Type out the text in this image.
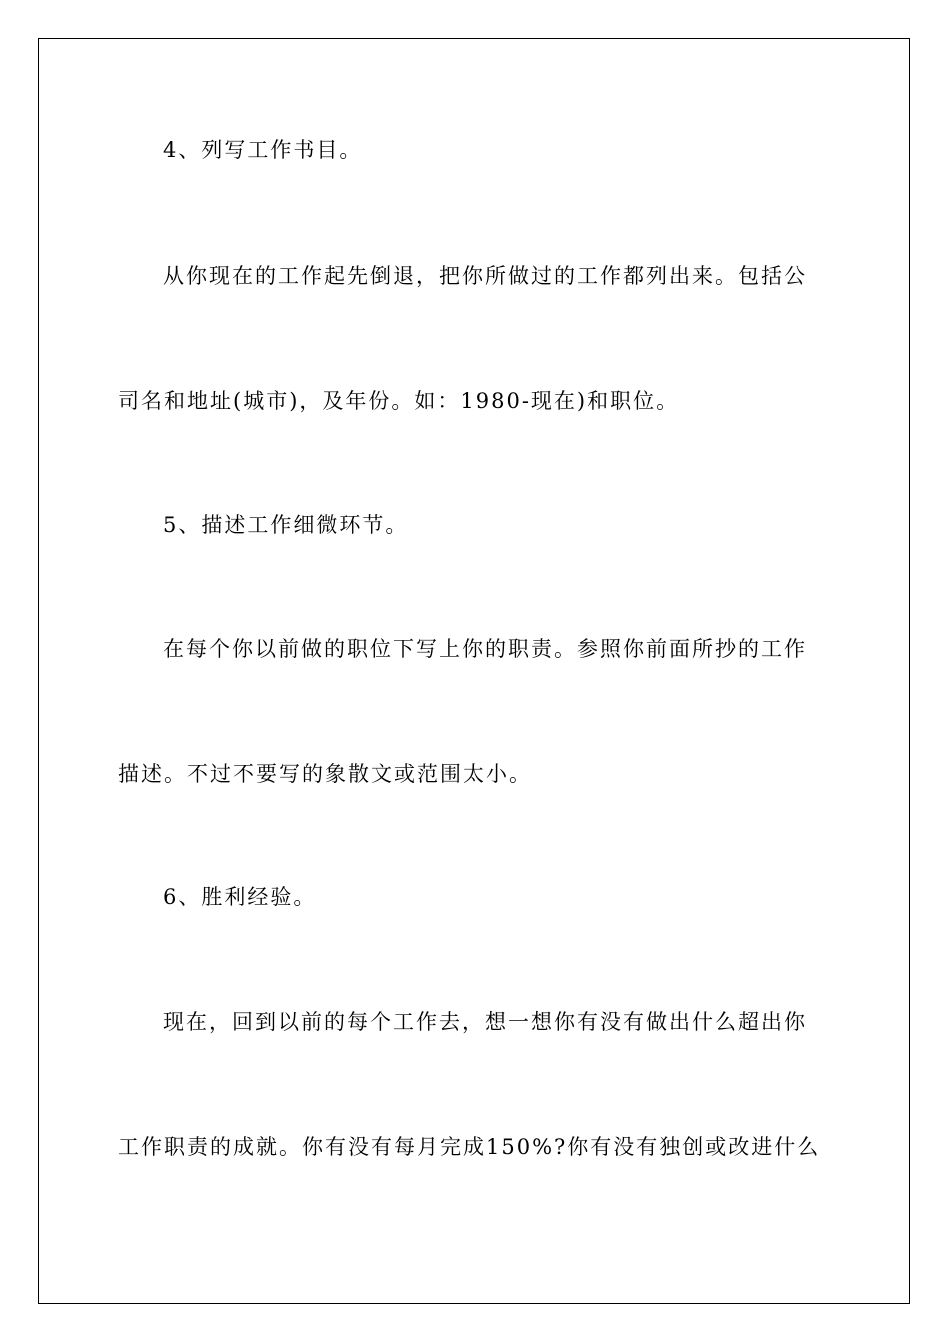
4、列写工作书目。
从你现在的工作起先倒退，把你所做过的工作都列出来。包括公
司名和地址(城市)，及年份。如：1980-现在)和职位。
5、描述工作细微环节。
在每个你以前做的职位下写上你的职责。参照你前面所抄的工作
描述。不过不要写的象散文或范围太小。
6、胜利经验。
现在，回到以前的每个工作去，想一想你有没有做出什么超出你
工作职责的成就。你有没有每月完成150%?你有没有独创或改进什么
